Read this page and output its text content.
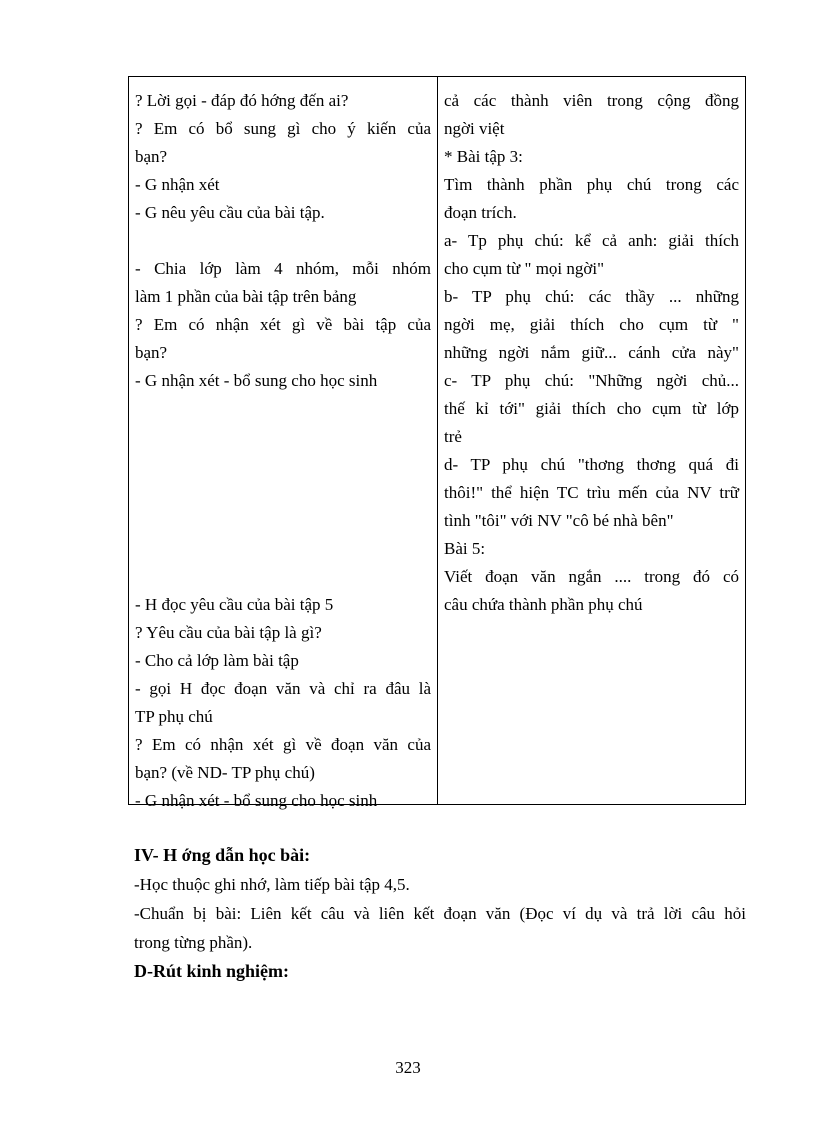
? Lời gọi - đáp đó hớng đến ai?
? Em có bổ sung gì cho ý kiến của
bạn?
- G nhận xét
- G nêu yêu cầu của bài tập.
- Chia lớp làm 4 nhóm, mỗi nhóm
làm 1 phần của bài tập trên bảng
? Em có nhận xét gì về bài tập của
bạn?
- G nhận xét - bổ sung cho học sinh
- H đọc yêu cầu của bài tập 5
? Yêu cầu của bài tập là gì?
- Cho cả lớp làm bài tập
- gọi H đọc đoạn văn và chỉ ra đâu là
TP phụ chú
? Em có nhận xét gì về đoạn văn của
bạn? (về ND- TP phụ chú)
- G nhận xét - bổ sung cho học sinh
cả các thành viên trong cộng đồng
ngời việt
* Bài tập 3:
Tìm thành phần phụ chú trong các
đoạn trích.
a- Tp phụ chú: kể cả anh: giải thích
cho cụm từ " mọi ngời"
b- TP phụ chú: các thầy ... những
ngời mẹ, giải thích cho cụm từ "
những ngời nắm giữ... cánh cửa này"
c- TP phụ chú: "Những ngời chủ...
thế kỉ tới" giải thích cho cụm từ lớp
trẻ
d- TP phụ chú "thơng thơng quá đi
thôi!" thể hiện TC trìu mến của NV trữ
tình "tôi" với NV "cô bé nhà bên"
Bài 5:
Viết đoạn văn ngắn .... trong đó có
câu chứa thành phần phụ chú
IV- H ớng dẫn học bài:
-Học thuộc ghi nhớ, làm tiếp bài tập 4,5.
-Chuẩn bị bài: Liên kết câu và liên kết đoạn văn (Đọc ví dụ và trả lời câu hỏi
trong từng phần).
D-Rút kinh nghiệm:
323
